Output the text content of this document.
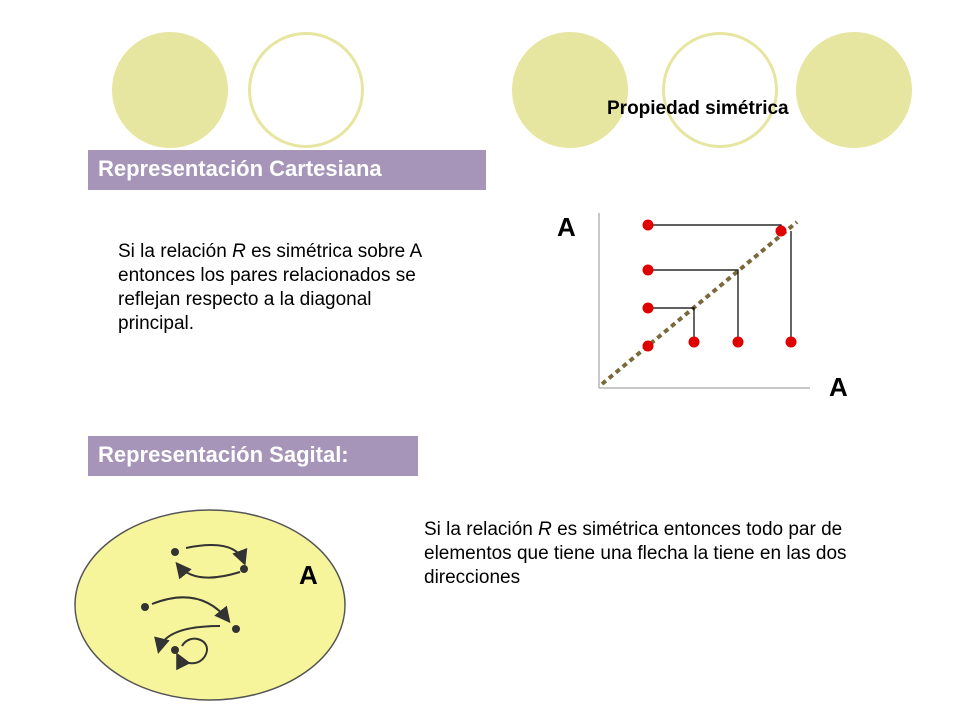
Propiedad simétrica
Representación Cartesiana
Si la relación R es simétrica sobre A entonces los pares relacionados se reflejan respecto a la diagonal principal.
A
A
Representación Sagital:
A
Si la relación R es simétrica entonces todo par de elementos que tiene una flecha la tiene en las dos direcciones
